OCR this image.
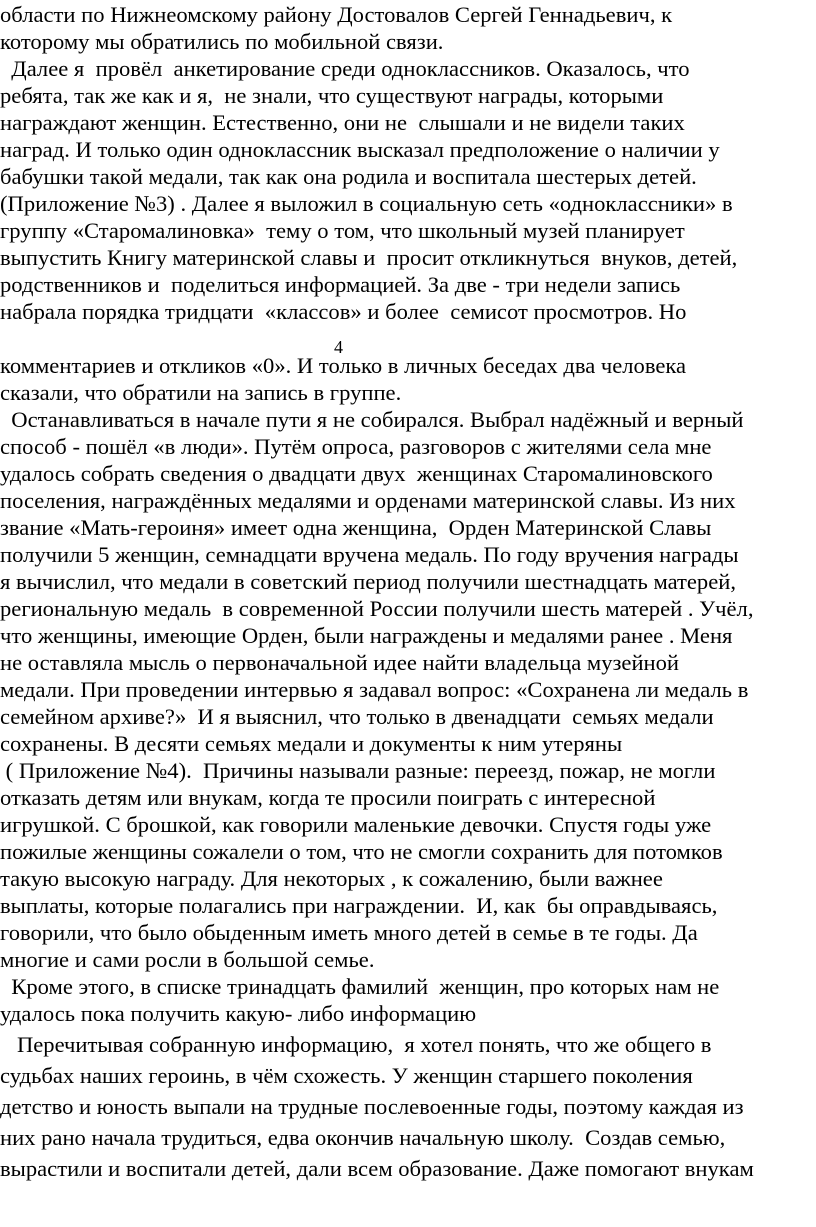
области по Нижнеомскому району Достовалов Сергей Геннадьевич, к
которому мы обратились по мобильной связи.
Далее я  провёл  анкетирование среди одноклассников. Оказалось, что
ребята, так же как и я,  не знали, что существуют награды, которыми
награждают женщин. Естественно, они не  слышали и не видели таких
наград. И только один одноклассник высказал предположение о наличии у
бабушки такой медали, так как она родила и воспитала шестерых детей.
(Приложение №3) . Далее я выложил в социальную сеть «одноклассники» в
группу «Старомалиновка»  тему о том, что школьный музей планирует
выпустить Книгу материнской славы и  просит откликнуться  внуков, детей,
родственников и  поделиться информацией. За две - три недели запись
набрала порядка тридцати  «классов» и более  семисот просмотров. Но
4
комментариев и откликов «0». И только в личных беседах два человека
сказали, что обратили на запись в группе.
Останавливаться в начале пути я не собирался. Выбрал надёжный и верный
способ - пошёл «в люди». Путём опроса, разговоров с жителями села мне
удалось собрать сведения о двадцати двух  женщинах Старомалиновского
поселения, награждённых медалями и орденами материнской славы. Из них
звание «Мать-героиня» имеет одна женщина,  Орден Материнской Славы
получили 5 женщин, семнадцати вручена медаль. По году вручения награды
я вычислил, что медали в советский период получили шестнадцать матерей,
региональную медаль  в современной России получили шесть матерей . Учёл,
что женщины, имеющие Орден, были награждены и медалями ранее . Меня
не оставляла мысль о первоначальной идее найти владельца музейной
медали. При проведении интервью я задавал вопрос: «Сохранена ли медаль в
семейном архиве?»  И я выяснил, что только в двенадцати  семьях медали
сохранены. В десяти семьях медали и документы к ним утеряны
( Приложение №4).  Причины называли разные: переезд, пожар, не могли
отказать детям или внукам, когда те просили поиграть с интересной
игрушкой. С брошкой, как говорили маленькие девочки. Спустя годы уже
пожилые женщины сожалели о том, что не смогли сохранить для потомков
такую высокую награду. Для некоторых , к сожалению, были важнее
выплаты, которые полагались при награждении.  И, как  бы оправдываясь,
говорили, что было обыденным иметь много детей в семье в те годы. Да
многие и сами росли в большой семье.
Кроме этого, в списке тринадцать фамилий  женщин, про которых нам не
удалось пока получить какую- либо информацию
Перечитывая собранную информацию,  я хотел понять, что же общего в
судьбах наших героинь, в чём схожесть. У женщин старшего поколения
детство и юность выпали на трудные послевоенные годы, поэтому каждая из
них рано начала трудиться, едва окончив начальную школу.  Создав семью,
вырастили и воспитали детей, дали всем образование. Даже помогают внукам
